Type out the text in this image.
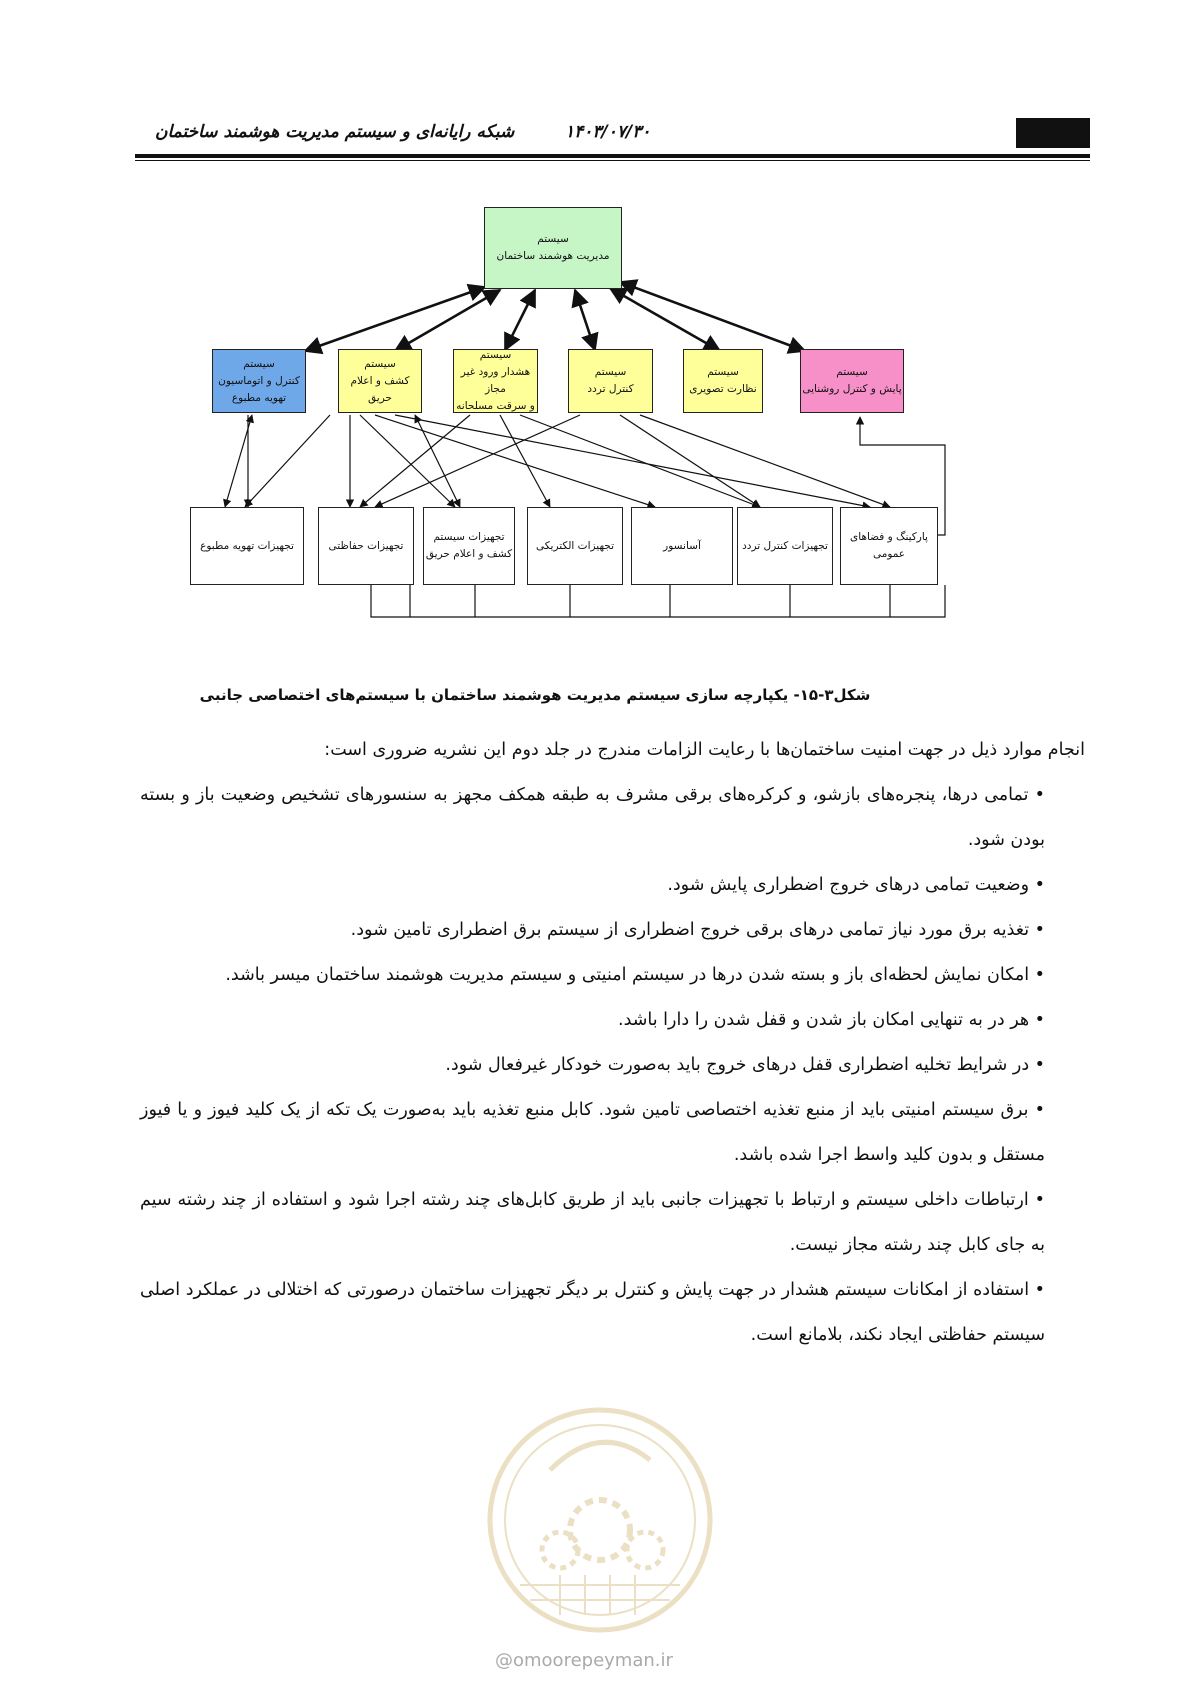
شبکه رایانه‌ای و سیستم مدیریت هوشمند ساختمان	۱۴۰۳/۰۷/۳۰
سیستم
مدیریت هوشمند ساختمان
سیستم
کنترل و اتوماسیون
تهویه مطبوع
سیستم
کشف و اعلام حریق
سیستم
هشدار ورود غیر مجاز
و سرقت مسلحانه
سیستم
کنترل تردد
سیستم
نظارت تصویری
سیستم
پایش و کنترل روشنایی
تجهیزات تهویه مطبوع	تجهیزات حفاظتی
تجهیزات سیستم
کشف و اعلام حریق
تجهیزات الکتریکی	آسانسور	تجهیزات کنترل تردد
پارکینگ و فضاهای
عمومی
شکل۳-۱۵- یکپارچه سازی سیستم مدیریت هوشمند ساختمان با سیستم‌های اختصاصی جانبی

انجام موارد ذیل در جهت امنیت ساختمان‌ها با رعایت الزامات مندرج در جلد دوم این نشریه ضروری است:

• تمامی درها، پنجره‌های بازشو، و کرکره‌های برقی مشرف به طبقه همکف مجهز به سنسورهای تشخیص وضعیت باز و بسته بودن شود.
• وضعیت تمامی درهای خروج اضطراری پایش شود.
• تغذیه برق مورد نیاز تمامی درهای برقی خروج اضطراری از سیستم برق اضطراری تامین شود.
• امکان نمایش لحظه‌ای باز و بسته شدن درها در سیستم امنیتی و سیستم مدیریت هوشمند ساختمان میسر باشد.
• هر در به تنهایی امکان باز شدن و قفل شدن را دارا باشد.
• در شرایط تخلیه اضطراری قفل درهای خروج باید به‌صورت خودکار غیرفعال شود.
• برق سیستم امنیتی باید از منبع تغذیه اختصاصی تامین شود. کابل منبع تغذیه باید به‌صورت یک تکه از یک کلید فیوز و یا فیوز مستقل و بدون کلید واسط اجرا شده باشد.
• ارتباطات داخلی سیستم و ارتباط با تجهیزات جانبی باید از طریق کابل‌های چند رشته اجرا شود و استفاده از چند رشته سیم به جای کابل چند رشته مجاز نیست.
• استفاده از امکانات سیستم هشدار در جهت پایش و کنترل بر دیگر تجهیزات ساختمان درصورتی که اختلالی در عملکرد اصلی سیستم حفاظتی ایجاد نکند، بلامانع است.
@omoorepeyman.ir
